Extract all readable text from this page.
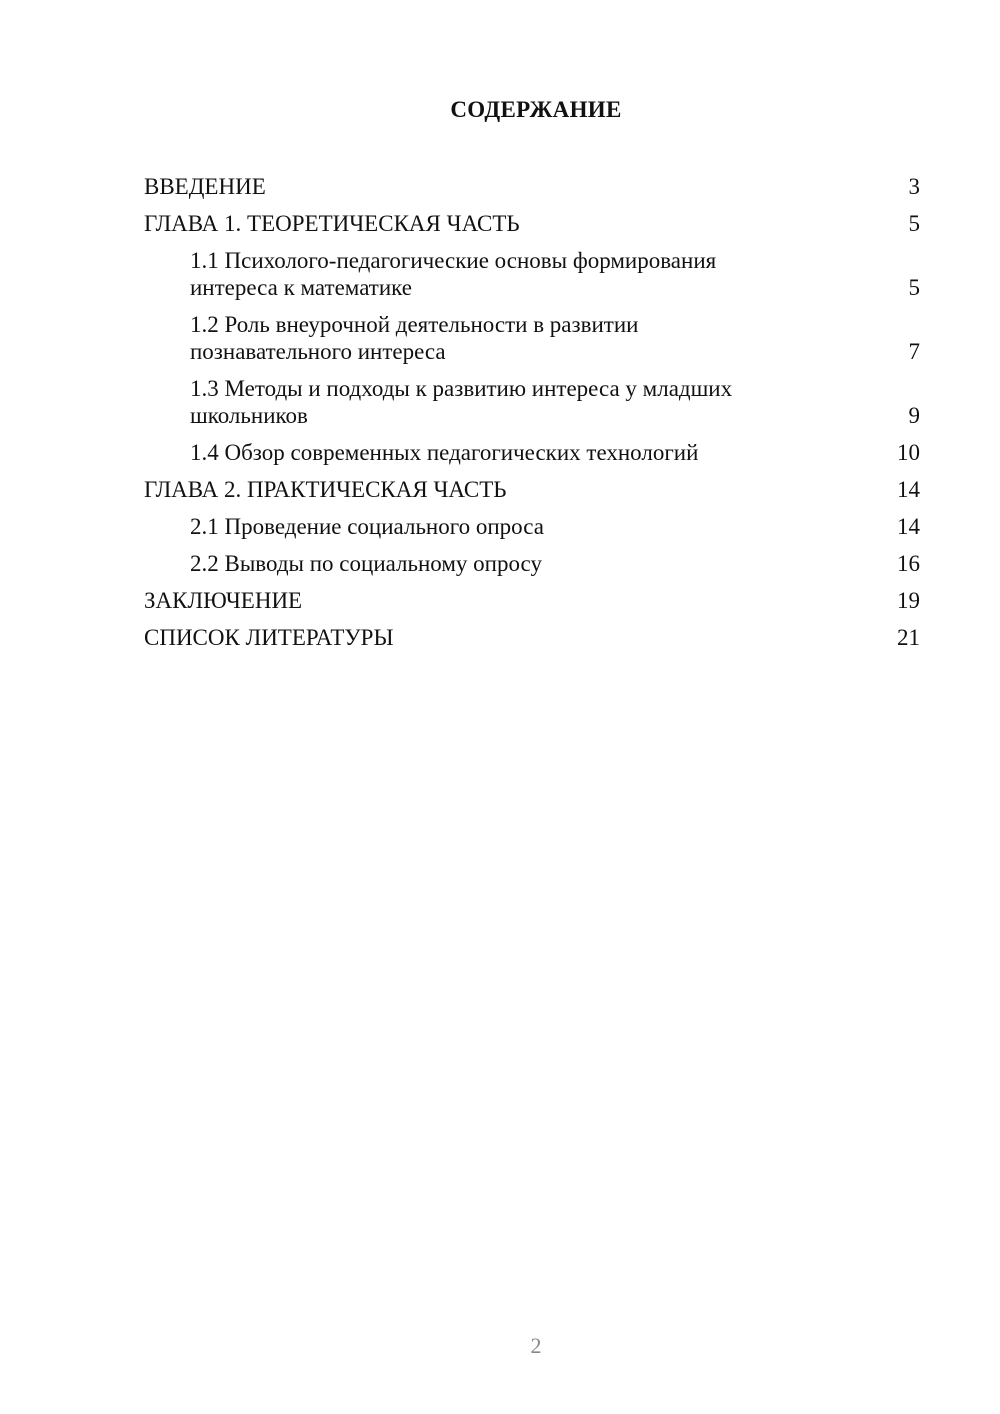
СОДЕРЖАНИЕ
ВВЕДЕНИЕ	3
ГЛАВА 1. ТЕОРЕТИЧЕСКАЯ ЧАСТЬ	5
1.1 Психолого-педагогические основы формирования интереса к математике	5
1.2 Роль внеурочной деятельности в развитии познавательного интереса	7
1.3 Методы и подходы к развитию интереса у младших школьников	9
1.4 Обзор современных педагогических технологий	10
ГЛАВА 2. ПРАКТИЧЕСКАЯ ЧАСТЬ	14
2.1 Проведение социального опроса	14
2.2 Выводы по социальному опросу	16
ЗАКЛЮЧЕНИЕ	19
СПИСОК ЛИТЕРАТУРЫ	21
2
